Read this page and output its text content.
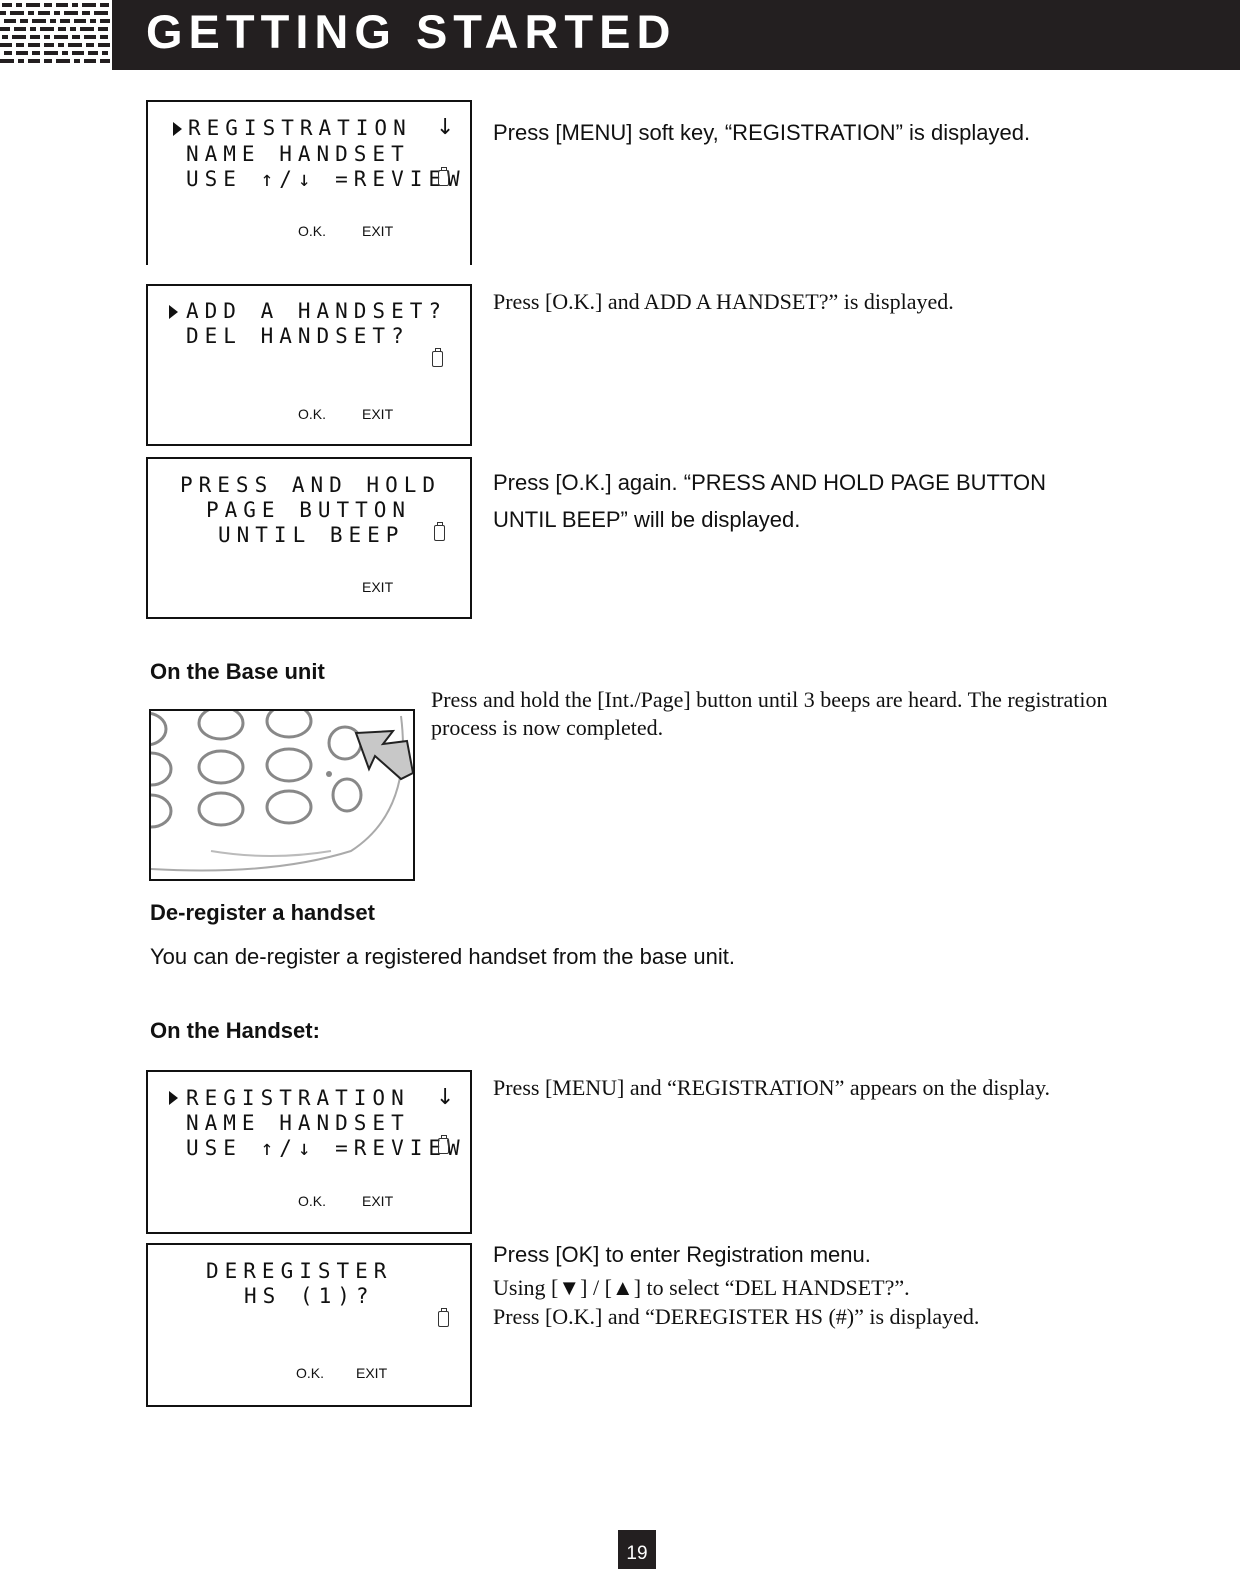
GETTING STARTED
REGISTRATION ↓
NAME HANDSET
USE ↑/↓ =REVIEW
O.K.	EXIT
Press [MENU] soft key, “REGISTRATION” is displayed.
ADD A HANDSET?
DEL HANDSET?
O.K.	EXIT
Press [O.K.] and ADD A HANDSET?” is displayed.
PRESS AND HOLD
PAGE BUTTON
UNTIL BEEP
EXIT
Press [O.K.] again. “PRESS AND HOLD PAGE BUTTON
UNTIL BEEP” will be displayed.
On the Base unit
Press and hold the [Int./Page] button until 3 beeps are heard. The registration process is now completed.
De-register a handset
You can de-register a registered handset from the base unit.
On the Handset:
REGISTRATION ↓
NAME HANDSET
USE ↑/↓ =REVIEW
O.K.	EXIT
Press [MENU] and “REGISTRATION” appears on the display.
DEREGISTER
HS (1)?
O.K. EXIT
Press [OK] to enter Registration menu.
Using [▼] / [▲] to select “DEL HANDSET?”.
Press [O.K.] and “DEREGISTER HS (#)” is displayed.
19
